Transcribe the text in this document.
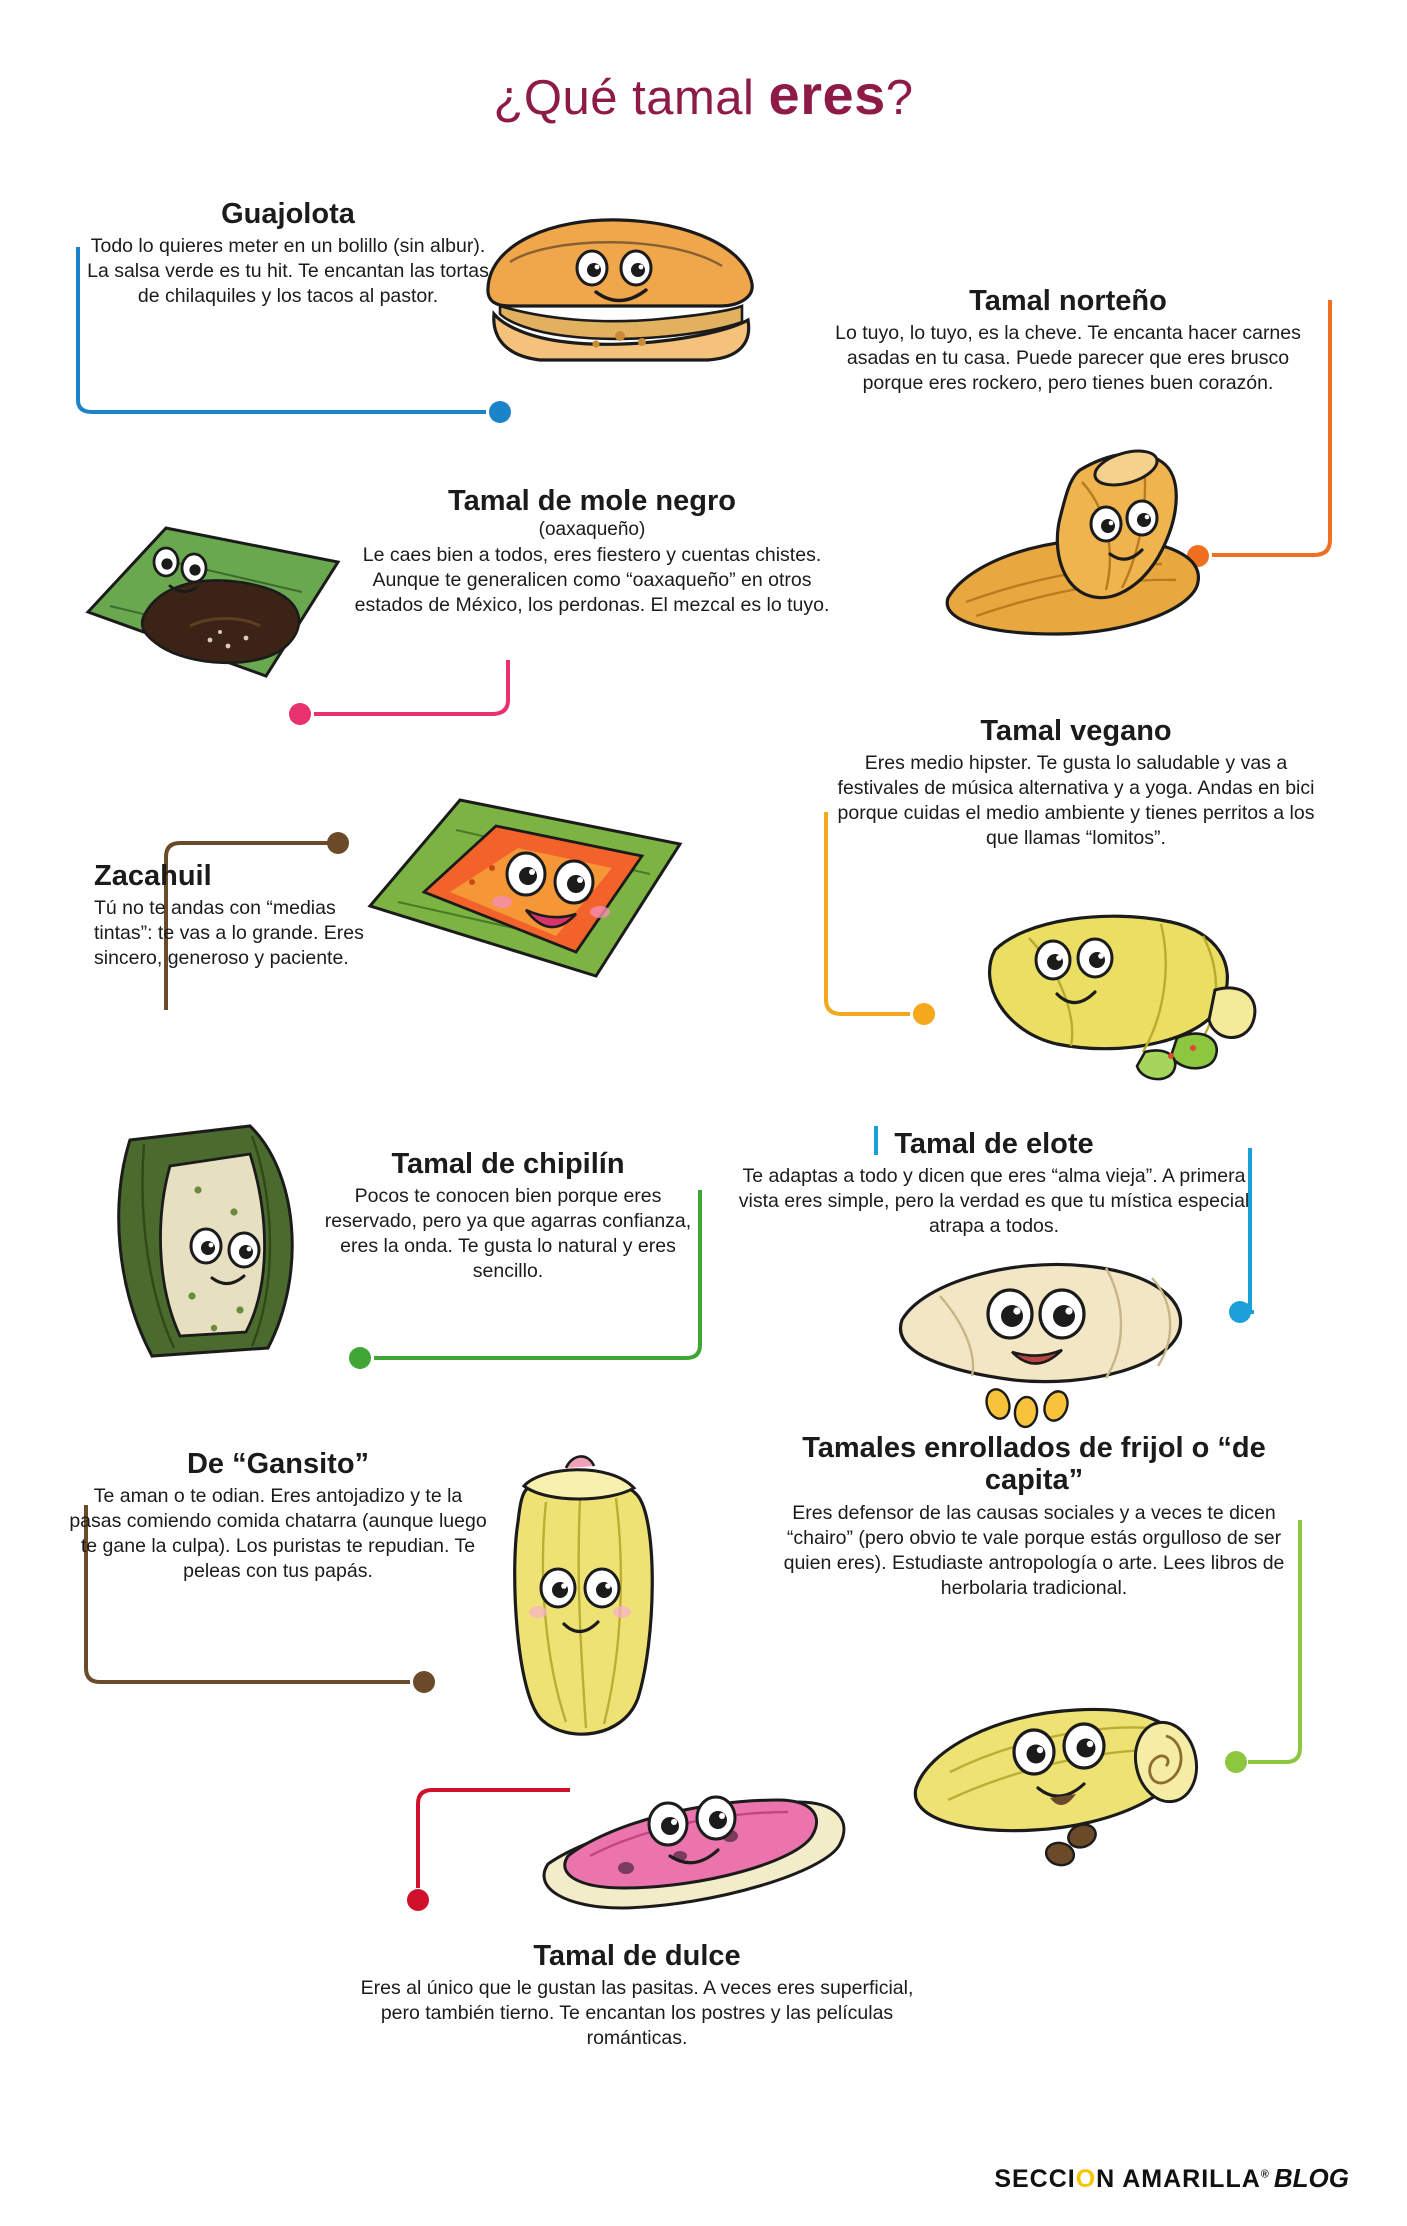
¿Qué tamal eres?
Guajolota
Todo lo quieres meter en un bolillo (sin albur). La salsa verde es tu hit. Te encantan las tortas de chilaquiles y los tacos al pastor.	Tamal norteño
Lo tuyo, lo tuyo, es la cheve. Te encanta hacer carnes asadas en tu casa. Puede parecer que eres brusco porque eres rockero, pero tienes buen corazón.
Tamal de mole negro
(oaxaqueño)
Le caes bien a todos, eres fiestero y cuentas chistes. Aunque te generalicen como “oaxaqueño” en otros estados de México, los perdonas. El mezcal es lo tuyo.
Tamal vegano
Eres medio hipster. Te gusta lo saludable y vas a festivales de música alternativa y a yoga. Andas en bici porque cuidas el medio ambiente y tienes perritos a los que llamas “lomitos”.
Zacahuil
Tú no te andas con “medias tintas”: te vas a lo grande. Eres sincero, generoso y paciente.
Tamal de chipilín
Pocos te conocen bien porque eres reservado, pero ya que agarras confianza, eres la onda. Te gusta lo natural y eres sencillo.
Tamal de elote
Te adaptas a todo y dicen que eres “alma vieja”. A primera vista eres simple, pero la verdad es que tu mística especial atrapa a todos.
De “Gansito”
Te aman o te odian. Eres antojadizo y te la pasas comiendo comida chatarra (aunque luego te gane la culpa). Los puristas te repudian. Te peleas con tus papás.
Tamales enrollados de frijol o “de capita”
Eres defensor de las causas sociales y a veces te dicen “chairo” (pero obvio te vale porque estás orgulloso de ser quien eres). Estudiaste antropología o arte. Lees libros de herbolaria tradicional.
Tamal de dulce
Eres al único que le gustan las pasitas. A veces eres superficial, pero también tierno. Te encantan los postres y las películas románticas.
SECCION AMARILLA® BLOG
